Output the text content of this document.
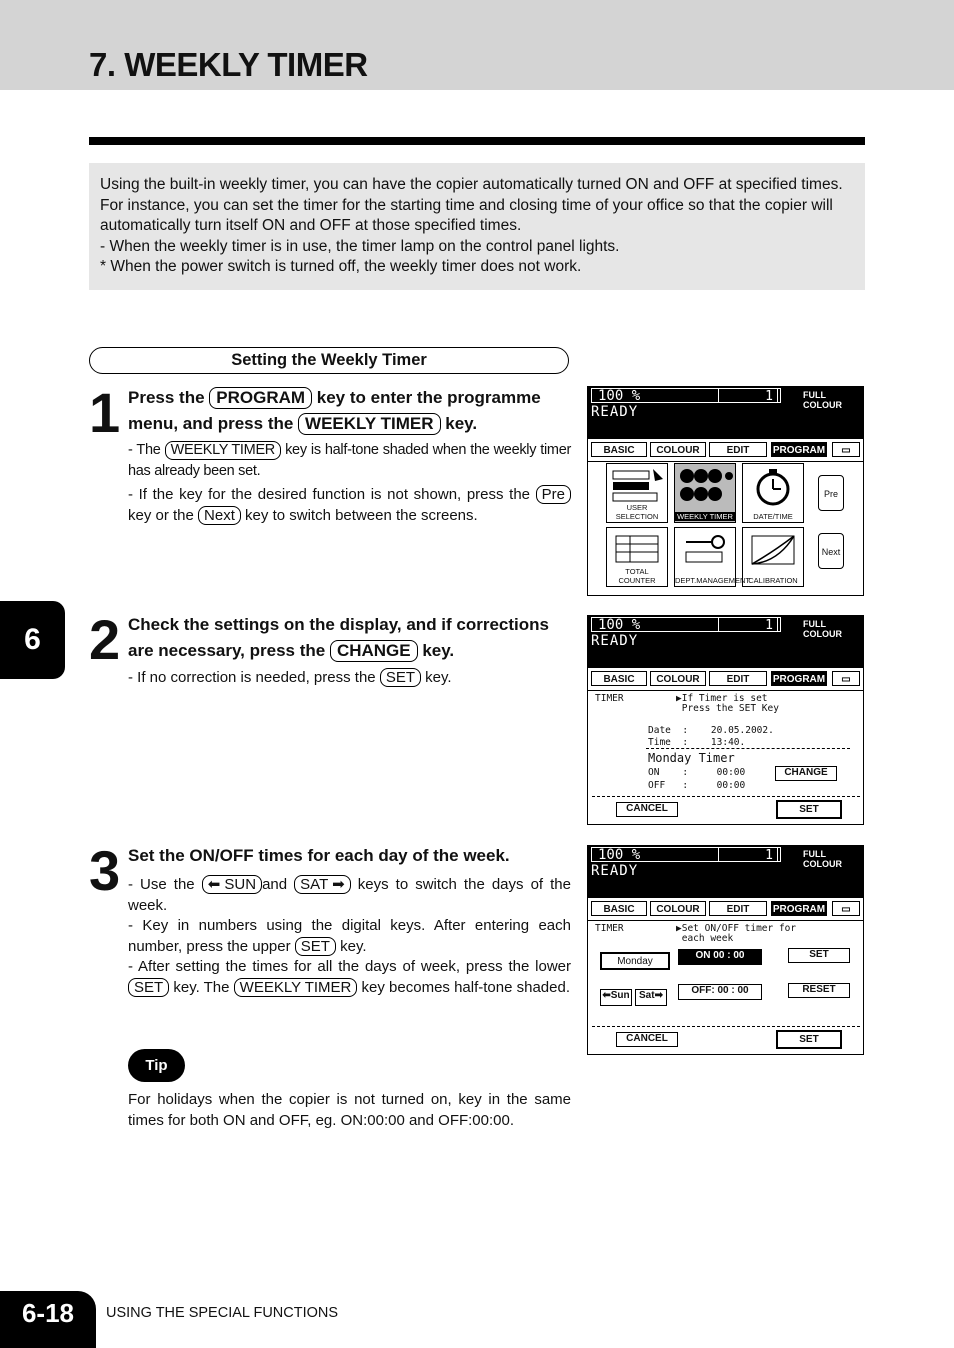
7. WEEKLY TIMER

Using the built-in weekly timer, you can have the copier automatically turned ON and OFF at specified times. For instance, you can set the timer for the starting time and closing time of your office so that the copier will automatically turn itself ON and OFF at those specified times.

- When the weekly timer is in use, the timer lamp on the control panel lights.

* When the power switch is turned off, the weekly timer does not work.

Setting the Weekly Timer
6
1 Press the PROGRAM key to enter the programme menu, and press the WEEKLY TIMER key.
- The WEEKLY TIMER key is half-tone shaded when the weekly timer has already been set.
- If the key for the desired function is not shown, press the Pre key or the Next key to switch between the screens.
100 %	1	FULL COLOUR
READY
BASIC	COLOUR	EDIT	PROGRAM	▭
USER SELECTION	WEEKLY TIMER	DATE/TIME
Pre
TOTAL COUNTER	DEPT.MANAGEMENT
CALIBRATION
Next
2 Check the settings on the display, and if corrections are necessary, press the CHANGE key.
- If no correction is needed, press the SET key.
100 %	1	FULL COLOUR
READY
BASIC	COLOUR	EDIT	PROGRAM	▭
TIMER	▶If Timer is set
Press the SET Key
Date  :    20.05.2002.
Time  :    13:40.
Monday Timer
ON    :     00:00
OFF   :     00:00
CHANGE
CANCEL	SET
3 Set the ON/OFF times for each day of the week.
- Use the ⬅ SUN and SAT ➡ keys to switch the days of the week.
- Key in numbers using the digital keys. After entering each number, press the upper SET key.
- After setting the times for all the days of week, press the lower SET key. The WEEKLY TIMER key becomes half-tone shaded.
100 %	1	FULL COLOUR
READY
BASIC	COLOUR	EDIT	PROGRAM	▭
TIMER	▶Set ON/OFF timer for
each week
Monday
ON 00 : 00	SET
OFF: 00 : 00	RESET
⬅Sun Sat➡
CANCEL	SET
Tip
For holidays when the copier is not turned on, key in the same times for both ON and OFF, eg. ON:00:00 and OFF:00:00.
6-18	USING THE SPECIAL FUNCTIONS
